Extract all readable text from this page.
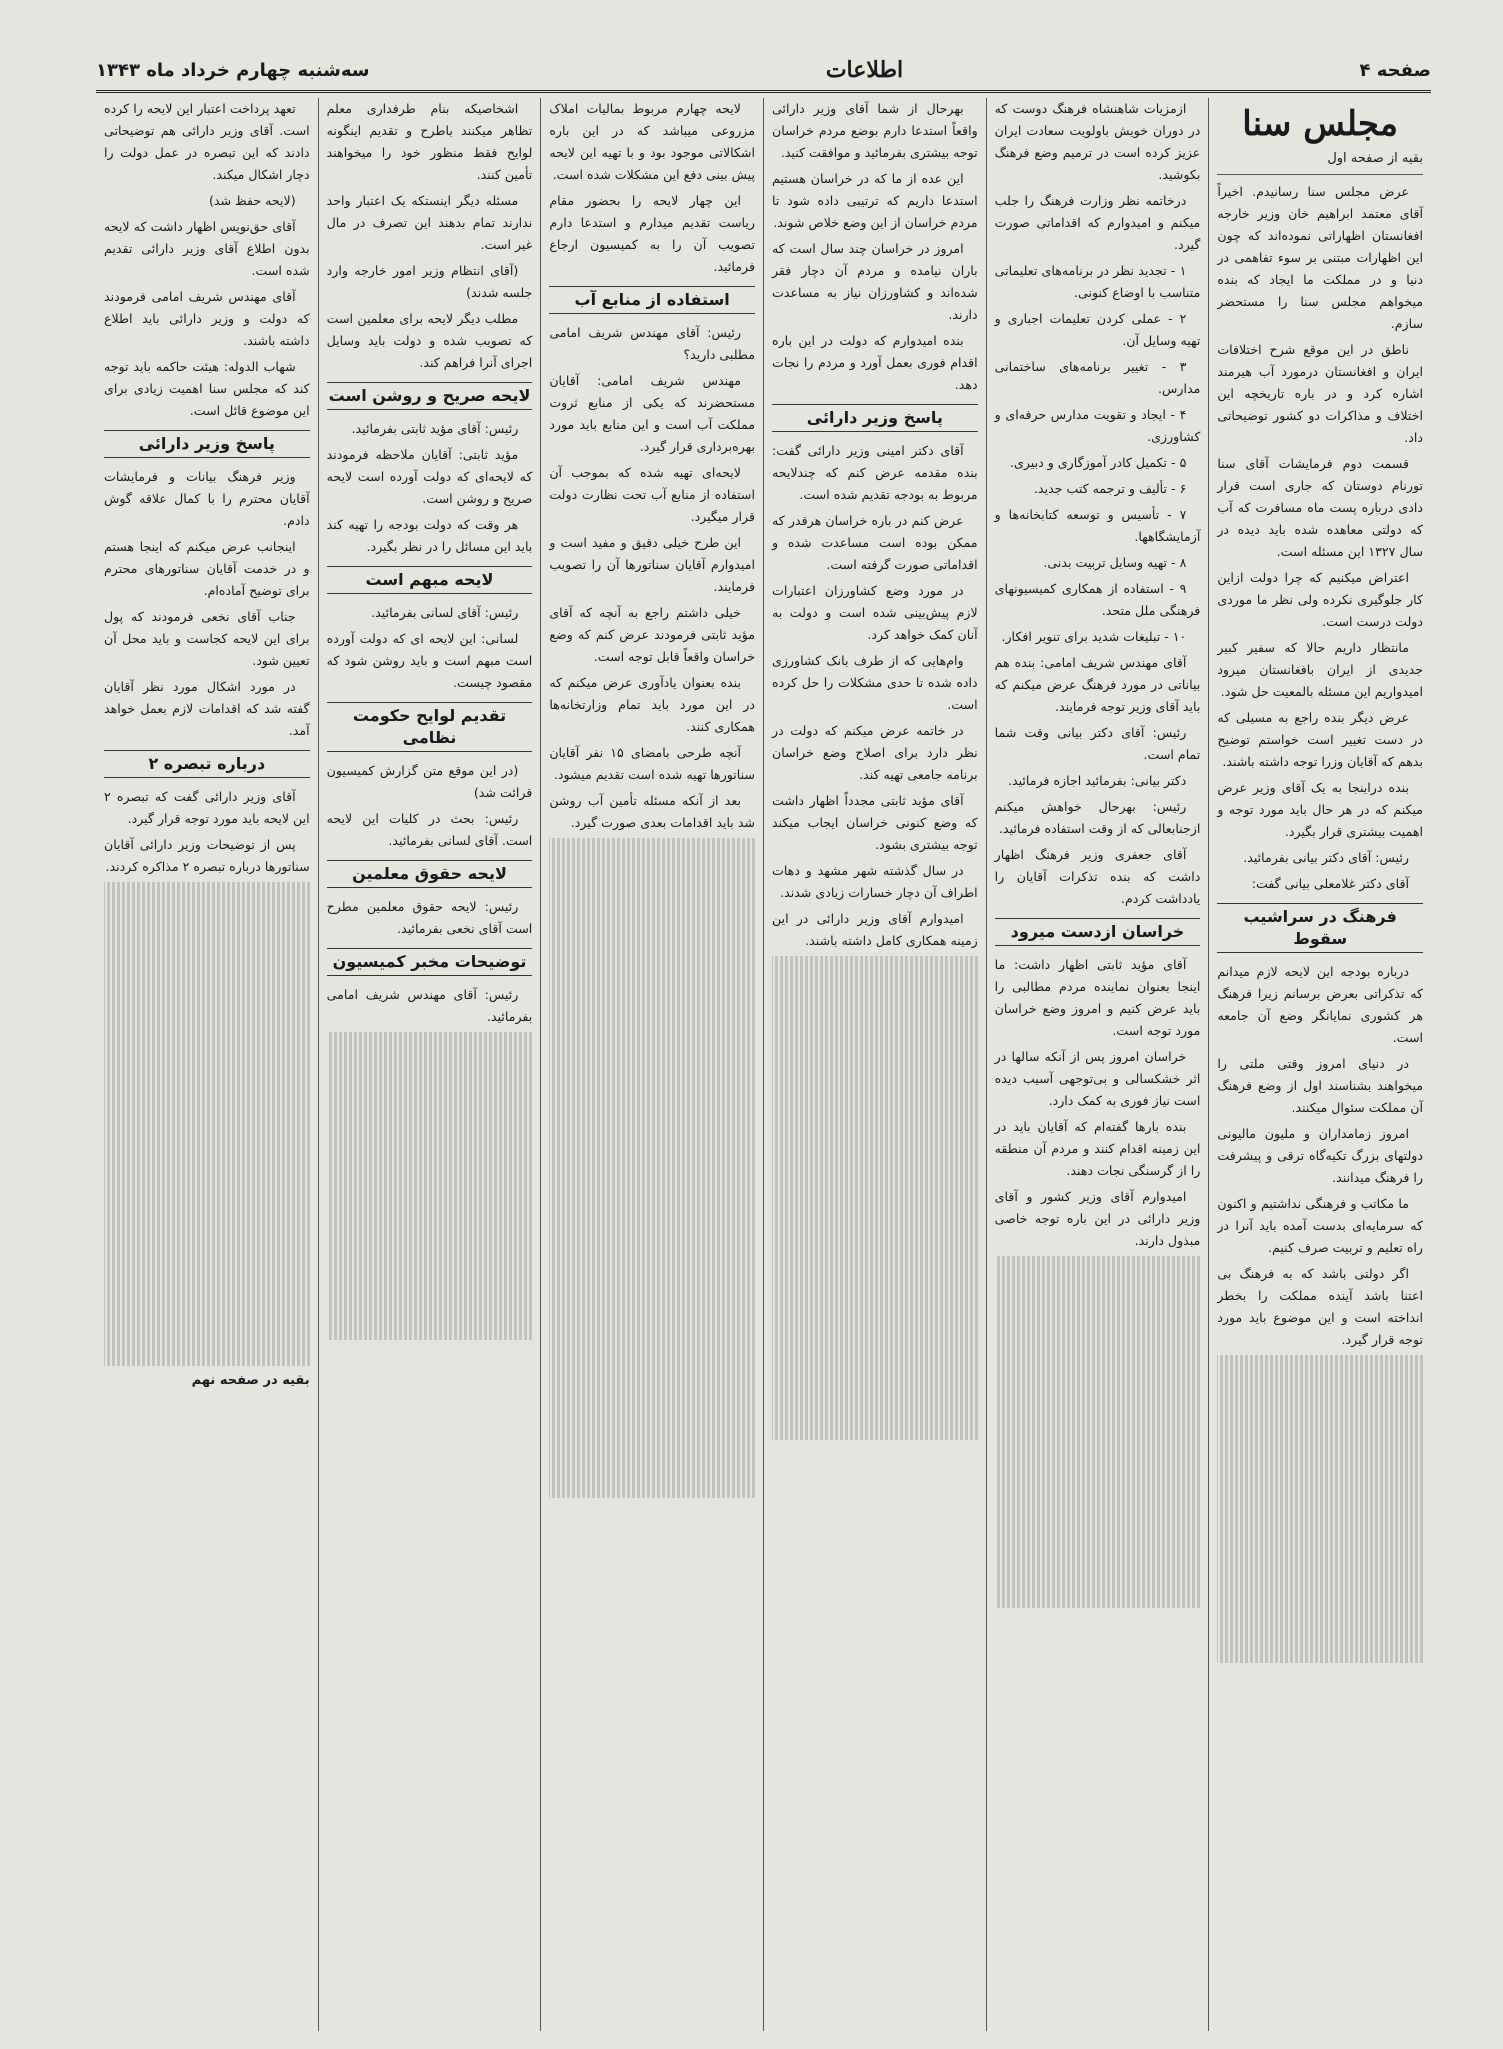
صفحه ۴
اطلاعات
سه‌شنبه چهارم خرداد ماه ۱۳۴۳
مجلس سنا
بقیه از صفحه اول

عرض مجلس سنا رسانیدم. اخیراً آقای معتمد ابراهیم خان وزیر خارجه افغانستان اظهاراتی نموده‌اند که چون این اظهارات مبتنی بر سوء تفاهمی در دنیا و در مملکت ما ایجاد که بنده میخواهم مجلس سنا را مستحضر سازم.

ناطق در این موقع شرح اختلافات ایران و افغانستان درمورد آب هیرمند اشاره کرد و در باره تاریخچه این اختلاف و مذاکرات دو کشور توضیحاتی داد.

قسمت دوم فرمایشات آقای سنا تورنام دوستان که جاری است قرار دادی درباره پست ماه مسافرت که آب که دولتی معاهده شده باید دیده در سال ۱۳۲۷ این مسئله است.

اعتراض میکنیم که چرا دولت ازاین کار جلوگیری نکرده ولی نظر ما موردی دولت درست است.

مانتظار داریم حالا که سفیر کبیر جدیدی از ایران بافغانستان میرود امیدواریم این مسئله بالمعیت حل شود.

عرض دیگر بنده راجع به مسیلی که در دست تغییر است خواستم توضیح بدهم که آقایان وزرا توجه داشته باشند.

بنده دراینجا به یک آقای وزیر عرض میکنم که در هر حال باید مورد توجه و اهمیت بیشتری قرار بگیرد.

رئیس: آقای دکتر بیانی بفرمائید.

آقای دکتر غلامعلی بیانی گفت:

فرهنگ در سراشیب سقوط

درباره بودجه این لایحه لازم میدانم که تذکراتی بعرض برسانم زیرا فرهنگ هر کشوری نمایانگر وضع آن جامعه است.

در دنیای امروز وقتی ملتی را میخواهند بشناسند اول از وضع فرهنگ آن مملکت سئوال میکنند.

امروز زمامداران و ملیون مالیونی دولتهای بزرگ تکیه‌گاه ترقی و پیشرفت را فرهنگ میدانند.

ما مکاتب و فرهنگی نداشتیم و اکنون که سرمایه‌ای بدست آمده باید آنرا در راه تعلیم و تربیت صرف کنیم.

اگر دولتی باشد که به فرهنگ بی اعتنا باشد آینده مملکت را بخطر انداخته است و این موضوع باید مورد توجه قرار گیرد.

ازمزیات شاهنشاه فرهنگ دوست که در دوران خویش باولویت سعادت ایران عزیز کرده است در ترمیم وضع فرهنگ بکوشید.

درخاتمه نظر وزارت فرهنگ را جلب میکنم و امیدوارم که اقداماتی صورت گیرد.

۱ - تجدید نظر در برنامه‌های تعلیماتی متناسب با اوضاع کنونی.

۲ - عملی کردن تعلیمات اجباری و تهیه وسایل آن.

۳ - تغییر برنامه‌های ساختمانی مدارس.

۴ - ایجاد و تقویت مدارس حرفه‌ای و کشاورزی.

۵ - تکمیل کادر آموزگاری و دبیری.

۶ - تألیف و ترجمه کتب جدید.

۷ - تأسیس و توسعه کتابخانه‌ها و آزمایشگاهها.

۸ - تهیه وسایل تربیت بدنی.

۹ - استفاده از همکاری کمیسیونهای فرهنگی ملل متحد.

۱۰ - تبلیغات شدید برای تنویر افکار.

آقای مهندس شریف امامی: بنده هم بیاناتی در مورد فرهنگ عرض میکنم که باید آقای وزیر توجه فرمایند.

رئیس: آقای دکتر بیانی وقت شما تمام است.

دکتر بیانی: بفرمائید اجازه فرمائید.

رئیس: بهرحال خواهش میکنم ازجنابعالی که از وقت استفاده فرمائید.

آقای جعفری وزیر فرهنگ اظهار داشت که بنده تذکرات آقایان را یادداشت کردم.

خراسان ازدست میرود

آقای مؤید ثابتی اظهار داشت: ما اینجا بعنوان نماینده مردم مطالبی را باید عرض کنیم و امروز وضع خراسان مورد توجه است.

خراسان امروز پس از آنکه سالها در اثر خشکسالی و بی‌توجهی آسیب دیده است نیاز فوری به کمک دارد.

بنده بارها گفته‌ام که آقایان باید در این زمینه اقدام کنند و مردم آن منطقه را از گرسنگی نجات دهند.

امیدوارم آقای وزیر کشور و آقای وزیر دارائی در این باره توجه خاصی مبذول دارند.

بهرحال از شما آقای وزیر دارائی واقعاً استدعا دارم بوضع مردم خراسان توجه بیشتری بفرمائید و موافقت کنید.

این عده از ما که در خراسان هستیم استدعا داریم که ترتیبی داده شود تا مردم خراسان از این وضع خلاص شوند.

امروز در خراسان چند سال است که باران نیامده و مردم آن دچار فقر شده‌اند و کشاورزان نیاز به مساعدت دارند.

بنده امیدوارم که دولت در این باره اقدام فوری بعمل آورد و مردم را نجات دهد.

پاسخ وزیر دارائی

آقای دکتر امینی وزیر دارائی گفت: بنده مقدمه عرض کنم که چندلایحه مربوط به بودجه تقدیم شده است.

عرض کنم در باره خراسان هرقدر که ممکن بوده است مساعدت شده و اقداماتی صورت گرفته است.

در مورد وضع کشاورزان اعتبارات لازم پیش‌بینی شده است و دولت به آنان کمک خواهد کرد.

وام‌هایی که از طرف بانک کشاورزی داده شده تا حدی مشکلات را حل کرده است.

در خاتمه عرض میکنم که دولت در نظر دارد برای اصلاح وضع خراسان برنامه جامعی تهیه کند.

آقای مؤید ثابتی مجدداً اظهار داشت که وضع کنونی خراسان ایجاب میکند توجه بیشتری بشود.

در سال گذشته شهر مشهد و دهات اطراف آن دچار خسارات زیادی شدند.

امیدوارم آقای وزیر دارائی در این زمینه همکاری کامل داشته باشند.

لایحه چهارم مربوط بمالیات املاک مزروعی میباشد که در این باره اشکالاتی موجود بود و با تهیه این لایحه پیش بینی دفع این مشکلات شده است.

این چهار لایحه را بحضور مقام ریاست تقدیم میدارم و استدعا دارم تصویب آن را به کمیسیون ارجاع فرمائید.

استفاده از منابع آب

رئیس: آقای مهندس شریف امامی مطلبی دارید؟

مهندس شریف امامی: آقایان مستحضرند که یکی از منابع ثروت مملکت آب است و این منابع باید مورد بهره‌برداری قرار گیرد.

لایحه‌ای تهیه شده که بموجب آن استفاده از منابع آب تحت نظارت دولت قرار میگیرد.

این طرح خیلی دقیق و مفید است و امیدوارم آقایان سناتورها آن را تصویب فرمایند.

خیلی داشتم راجع به آنچه که آقای مؤید ثابتی فرمودند عرض کنم که وضع خراسان واقعاً قابل توجه است.

بنده بعنوان یادآوری عرض میکنم که در این مورد باید تمام وزارتخانه‌ها همکاری کنند.

آنچه طرحی بامضای ۱۵ نفر آقایان سناتورها تهیه شده است تقدیم میشود.

بعد از آنکه مسئله تأمین آب روشن شد باید اقدامات بعدی صورت گیرد.

اشخاصیکه بنام طرفداری معلم تظاهر میکنند باطرح و تقدیم اینگونه لوایح فقط منظور خود را میخواهند تأمین کنند.

مسئله دیگر اینستکه یک اعتبار واحد ندارند تمام بدهند این تصرف در مال غیر است.

(آقای انتظام وزیر امور خارجه وارد جلسه شدند)

مطلب دیگر لایحه برای معلمین است که تصویب شده و دولت باید وسایل اجرای آنرا فراهم کند.

لایحه صریح و روشن است

رئیس: آقای مؤید ثابتی بفرمائید.

مؤید ثابتی: آقایان ملاحظه فرمودند که لایحه‌ای که دولت آورده است لایحه صریح و روشن است.

هر وقت که دولت بودجه را تهیه کند باید این مسائل را در نظر بگیرد.

لایحه مبهم است

رئیس: آقای لسانی بفرمائید.

لسانی: این لایحه ای که دولت آورده است مبهم است و باید روشن شود که مقصود چیست.

تقدیم لوایح حکومت نظامی

(در این موقع متن گزارش کمیسیون قرائت شد)

رئیس: بحث در کلیات این لایحه است. آقای لسانی بفرمائید.

لایحه حقوق معلمین

رئیس: لایحه حقوق معلمین مطرح است آقای نخعی بفرمائید.

توضیحات مخبر کمیسیون

رئیس: آقای مهندس شریف امامی بفرمائید.

تعهد پرداخت اعتبار این لایحه را کرده است. آقای وزیر دارائی هم توضیحاتی دادند که این تبصره در عمل دولت را دچار اشکال میکند.

(لایحه حفظ شد)

آقای حق‌نویس اظهار داشت که لایحه بدون اطلاع آقای وزیر دارائی تقدیم شده است.

آقای مهندس شریف امامی فرمودند که دولت و وزیر دارائی باید اطلاع داشته باشند.

شهاب الدوله: هیئت حاکمه باید توجه کند که مجلس سنا اهمیت زیادی برای این موضوع قائل است.

پاسخ وزیر دارائی

وزیر فرهنگ بیانات و فرمایشات آقایان محترم را با کمال علاقه گوش دادم.

اینجانب عرض میکنم که اینجا هستم و در خدمت آقایان سناتورهای محترم برای توضیح آماده‌ام.

جناب آقای نخعی فرمودند که پول برای این لایحه کجاست و باید محل آن تعیین شود.

در مورد اشکال مورد نظر آقایان گفته شد که اقدامات لازم بعمل خواهد آمد.

درباره تبصره ۲

آقای وزیر دارائی گفت که تبصره ۲ این لایحه باید مورد توجه قرار گیرد.

پس از توضیحات وزیر دارائی آقایان سناتورها درباره تبصره ۲ مذاکره کردند.

بقیه در صفحه نهم
